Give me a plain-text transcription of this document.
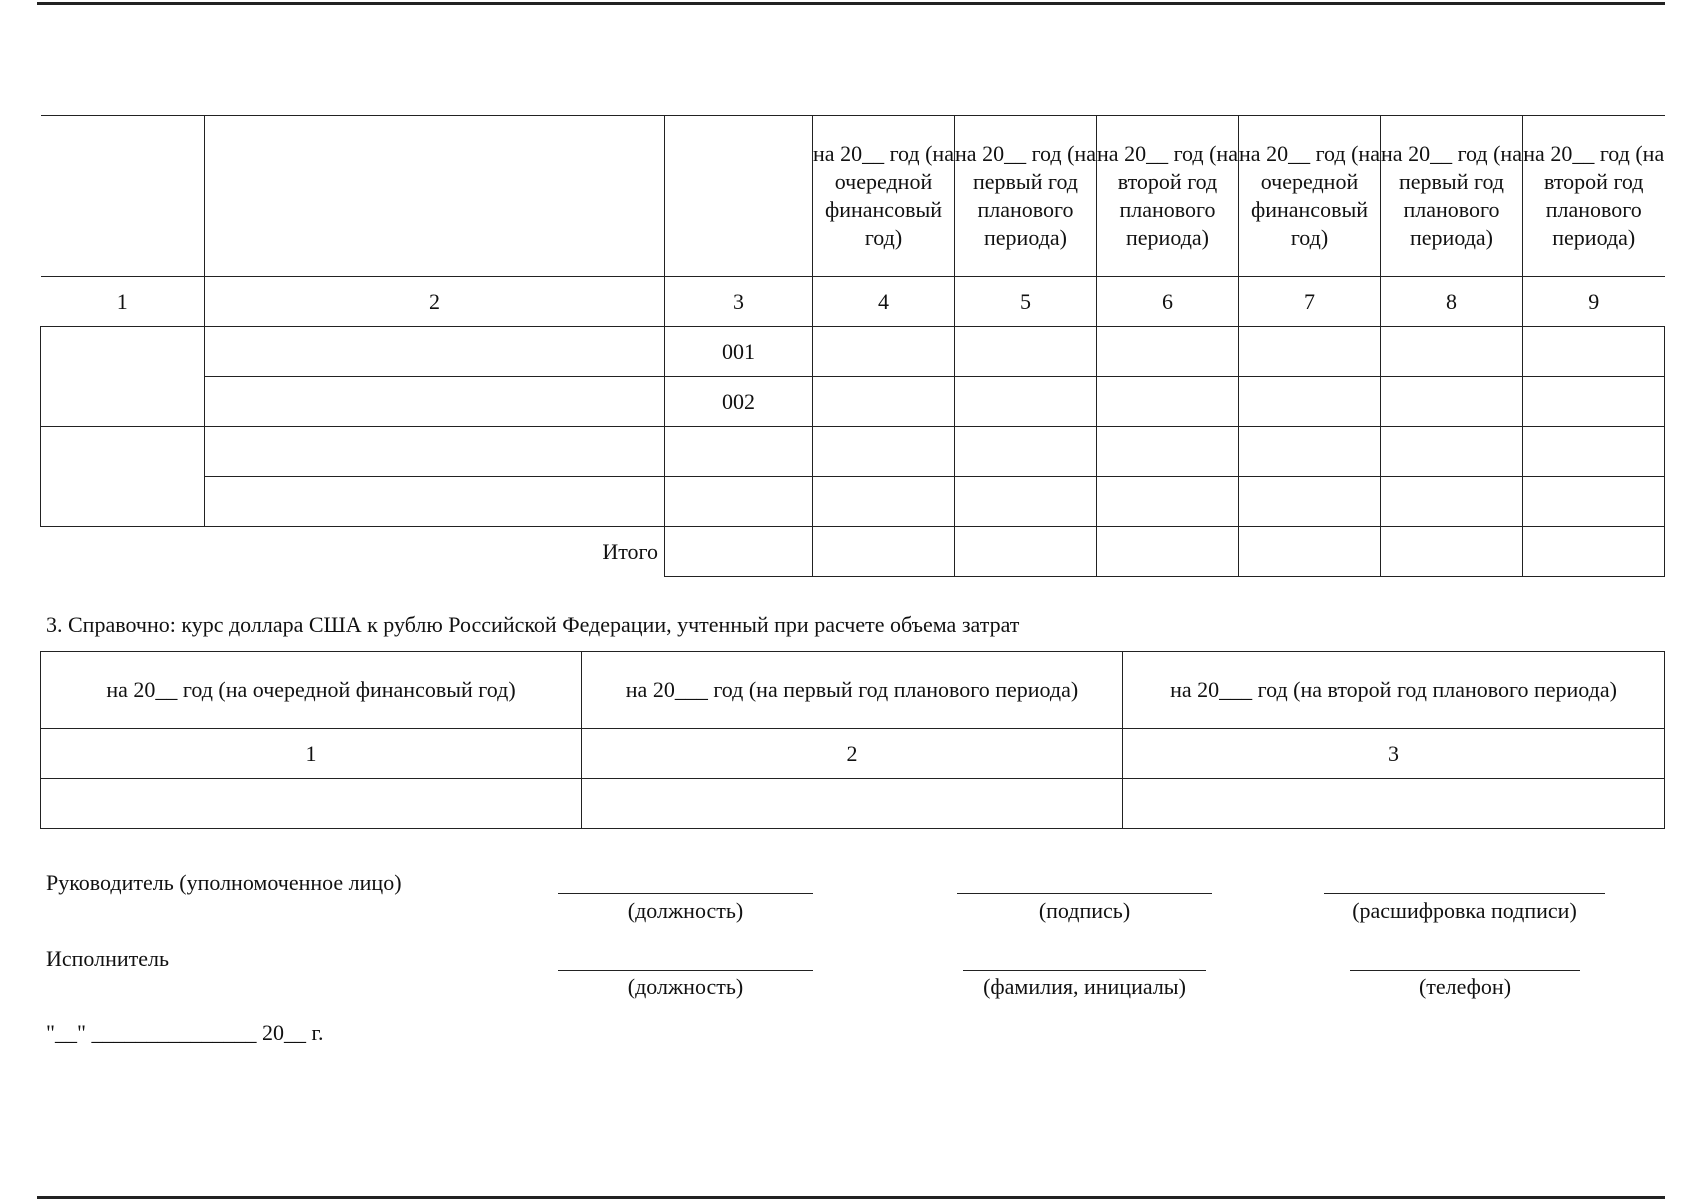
			на 20__ год (на очередной финансовый год)	на 20__ год (на первый год планового периода)	на 20__ год (на второй год планового периода)	на 20__ год (на очередной финансовый год)	на 20__ год (на первый год планового периода)	на 20__ год (на второй год планового периода)
1	2	3	4	5	6	7	8	9
		001						
		002						

Итого								
3. Справочно: курс доллара США к рублю Российской Федерации, учтенный при расчете объема затрат
на 20__ год (на очередной финансовый год)	на 20___ год (на первый год планового периода)	на 20___ год (на второй год планового периода)
1	2	3

Руководитель (уполномоченное лицо)
(должность)	(подпись)	(расшифровка подписи)
Исполнитель
(должность)	(фамилия, инициалы)	(телефон)
"__" _______________ 20__ г.
